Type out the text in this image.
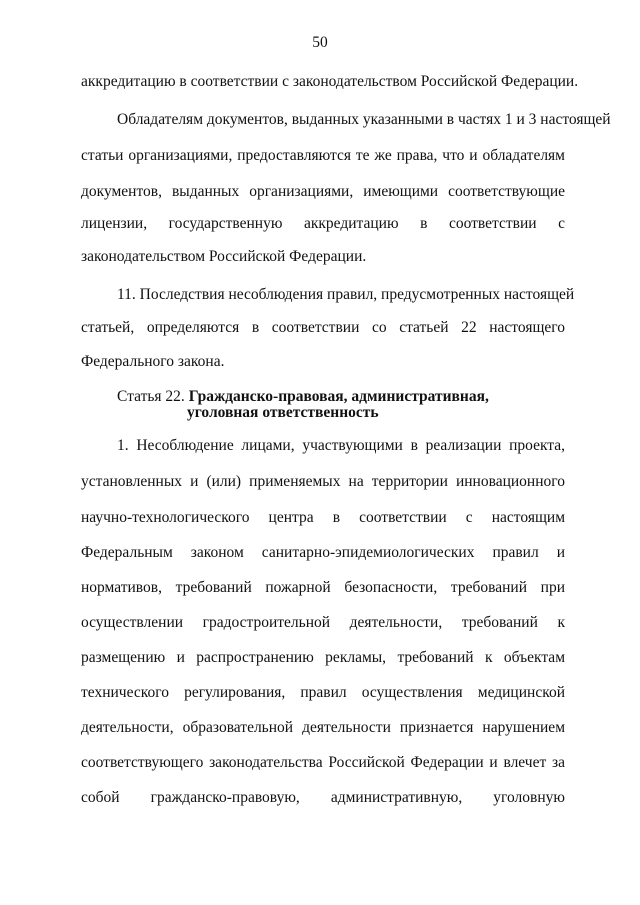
50
аккредитацию в соответствии с законодательством Российской Федерации.
Обладателям документов, выданных указанными в частях 1 и 3 настоящей
статьи организациями, предоставляются те же права, что и обладателям
документов, выданных организациями, имеющими соответствующие
лицензии, государственную аккредитацию в соответствии с
законодательством Российской Федерации.
11. Последствия несоблюдения правил, предусмотренных настоящей
статьей, определяются в соответствии со статьей 22 настоящего
Федерального закона.
Статья 22. Гражданско-правовая, административная,
уголовная ответственность
1. Несоблюдение лицами, участвующими в реализации проекта,
установленных и (или) применяемых на территории инновационного
научно-технологического центра в соответствии с настоящим
Федеральным законом санитарно-эпидемиологических правил и
нормативов, требований пожарной безопасности, требований при
осуществлении градостроительной деятельности, требований к
размещению и распространению рекламы, требований к объектам
технического регулирования, правил осуществления медицинской
деятельности, образовательной деятельности признается нарушением
соответствующего законодательства Российской Федерации и влечет за
собой гражданско-правовую, административную, уголовную
